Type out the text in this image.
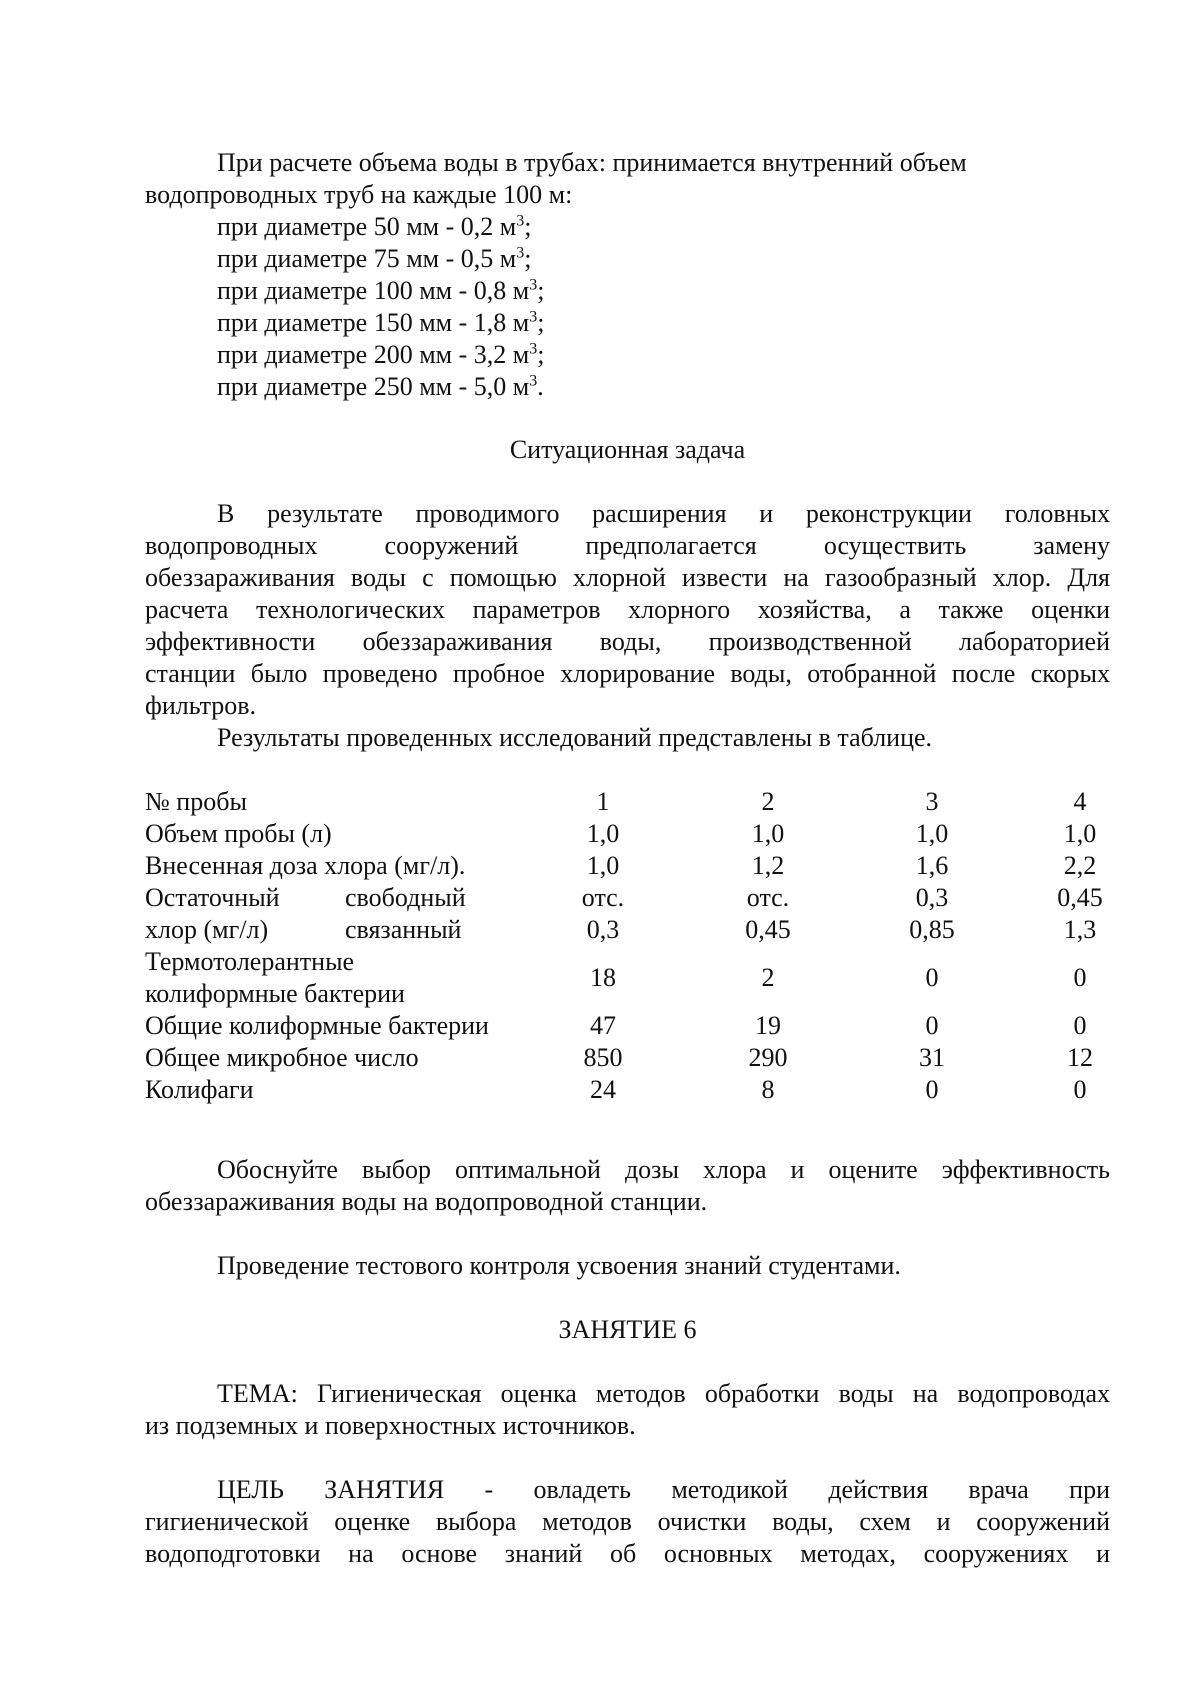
При расчете объема воды в трубах: принимается внутренний объем
водопроводных труб на каждые 100 м:
при диаметре 50 мм - 0,2 $м^3$;
при диаметре 75 мм - 0,5 $м^3$;
при диаметре 100 мм - 0,8 $м^3$;
при диаметре 150 мм - 1,8 $м^3$;
при диаметре 200 мм - 3,2 $м^3$;
при диаметре 250 мм - 5,0 $м^3$.
Ситуационная задача
В результате проводимого расширения и реконструкции головных
водопроводных сооружений предполагается осуществить замену
обеззараживания воды с помощью хлорной извести на газообразный хлор. Для
расчета технологических параметров хлорного хозяйства, а также оценки
эффективности обеззараживания воды, производственной лабораторией
станции было проведено пробное хлорирование воды, отобранной после скорых
фильтров.
Результаты проведенных исследований представлены в таблице.
№ пробы	1	2	3	4
Объем пробы (л)	1,0	1,0	1,0	1,0
Внесенная доза хлора (мг/л).	1,0	1,2	1,6	2,2
Остаточный	свободный	отс.	отс.	0,3	0,45
хлор (мг/л)	связанный	0,3	0,45	0,85	1,3
Термотолерантные
колиформные бактерии
18	2	0	0
Общие колиформные бактерии	47	19	0	0
Общее микробное число	850	290	31	12
Колифаги	24	8	0	0
Обоснуйте выбор оптимальной дозы хлора и оцените эффективность
обеззараживания воды на водопроводной станции.
Проведение тестового контроля усвоения знаний студентами.
ЗАНЯТИЕ 6
ТЕМА: Гигиеническая оценка методов обработки воды на водопроводах
из подземных и поверхностных источников.
ЦЕЛЬ ЗАНЯТИЯ - овладеть методикой действия врача при
гигиенической оценке выбора методов очистки воды, схем и сооружений
водоподготовки на основе знаний об основных методах, сооружениях и
